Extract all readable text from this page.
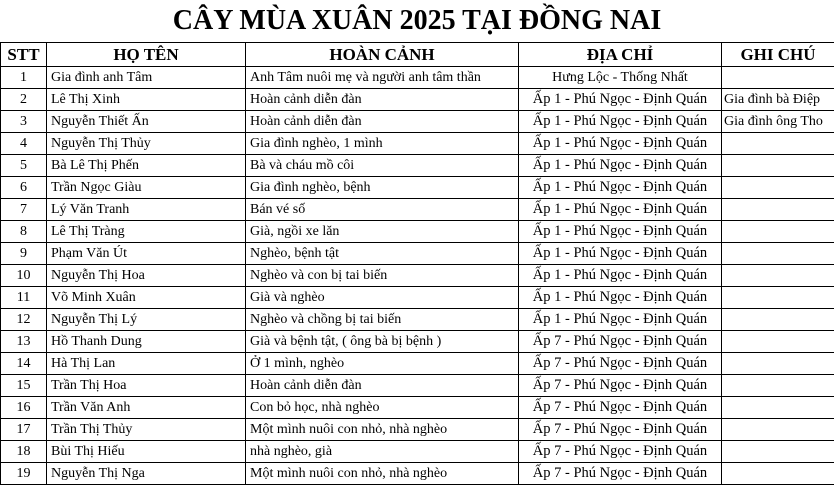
CÂY MÙA XUÂN 2025 TẠI ĐỒNG NAI
STT	HỌ TÊN	HOÀN CẢNH	ĐỊA CHỈ	GHI CHÚ
1	Gia đình anh Tâm	Anh Tâm nuôi mẹ và người anh tâm thần	Hưng Lộc - Thống Nhất	
2	Lê Thị Xinh	Hoàn cảnh diễn đàn	Ấp 1 - Phú Ngọc - Định Quán	Gia đình bà Điệp
3	Nguyễn Thiết Ấn	Hoàn cảnh diễn đàn	Ấp 1 - Phú Ngọc - Định Quán	Gia đình ông Tho
4	Nguyễn Thị Thủy	Gia đình nghèo, 1 mình	Ấp 1 - Phú Ngọc - Định Quán	
5	Bà Lê Thị Phến	Bà và cháu mồ côi	Ấp 1 - Phú Ngọc - Định Quán	
6	Trần Ngọc Giàu	Gia đình nghèo, bệnh	Ấp 1 - Phú Ngọc - Định Quán	
7	Lý Văn Tranh	Bán vé số	Ấp 1 - Phú Ngọc - Định Quán	
8	Lê Thị Tràng	Già, ngồi xe lăn	Ấp 1 - Phú Ngọc - Định Quán	
9	Phạm Văn Út	Nghèo, bệnh tật	Ấp 1 - Phú Ngọc - Định Quán	
10	Nguyễn Thị Hoa	Nghèo và con bị tai biến	Ấp 1 - Phú Ngọc - Định Quán	
11	Võ Minh Xuân	Già và nghèo	Ấp 1 - Phú Ngọc - Định Quán	
12	Nguyễn Thị Lý	Nghèo và chồng bị tai biến	Ấp 1 - Phú Ngọc - Định Quán	
13	Hồ Thanh Dung	Già và bệnh tật, ( ông bà bị bệnh )	Ấp 7 - Phú Ngọc - Định Quán	
14	Hà Thị Lan	Ở 1 mình, nghèo	Ấp 7 - Phú Ngọc - Định Quán	
15	Trần Thị Hoa	Hoàn cảnh diễn đàn	Ấp 7 - Phú Ngọc - Định Quán	
16	Trần Văn Anh	Con bỏ học, nhà nghèo	Ấp 7 - Phú Ngọc - Định Quán	
17	Trần Thị Thủy	Một mình nuôi con nhỏ, nhà nghèo	Ấp 7 - Phú Ngọc - Định Quán	
18	Bùi Thị Hiếu	nhà nghèo, già	Ấp 7 - Phú Ngọc - Định Quán	
19	Nguyễn Thị Nga	Một mình nuôi con nhỏ, nhà nghèo	Ấp 7 - Phú Ngọc - Định Quán	
